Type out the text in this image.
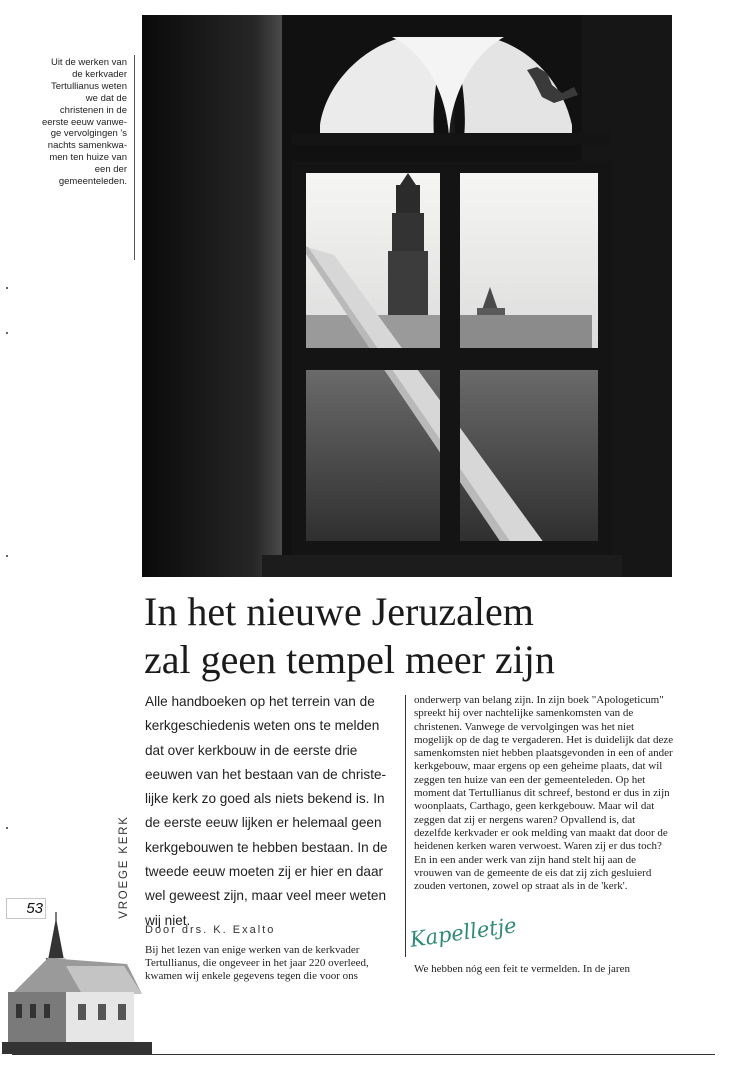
Uit de werken van de kerkvader Tertullianus weten we dat de christenen in de eerste eeuw vanwege vervolgingen 's nachts samenkwamen ten huize van een der gemeenteleden.
In het nieuwe Jeruzalem
zal geen tempel meer zijn
Alle handboeken op het terrein van de kerkgeschiedenis weten ons te melden dat over kerkbouw in de eerste drie eeuwen van het bestaan van de christelijke kerk zo goed als niets bekend is. In de eerste eeuw lijken er helemaal geen kerkgebouwen te hebben bestaan. In de tweede eeuw moeten zij er hier en daar wel geweest zijn, maar veel meer weten wij niet.
Door drs. K. Exalto
Bij het lezen van enige werken van de kerkvader Tertullianus, die ongeveer in het jaar 220 overleed, kwamen wij enkele gegevens tegen die voor ons
onderwerp van belang zijn. In zijn boek "Apologeticum" spreekt hij over nachtelijke samenkomsten van de christenen. Vanwege de vervolgingen was het niet mogelijk op de dag te vergaderen. Het is duidelijk dat deze samenkomsten niet hebben plaatsgevonden in een of ander kerkgebouw, maar ergens op een geheime plaats, dat wil zeggen ten huize van een der gemeenteleden. Op het moment dat Tertullianus dit schreef, bestond er dus in zijn woonplaats, Carthago, geen kerkgebouw. Maar wil dat zeggen dat zij er nergens waren? Opvallend is, dat dezelfde kerkvader er ook melding van maakt dat door de heidenen kerken waren verwoest. Waren zij er dus toch? En in een ander werk van zijn hand stelt hij aan de vrouwen van de gemeente de eis dat zij zich gesluierd zouden vertonen, zowel op straat als in de 'kerk'.
Kapelletje
We hebben nóg een feit te vermelden. In de jaren
VROEGE KERK
53
